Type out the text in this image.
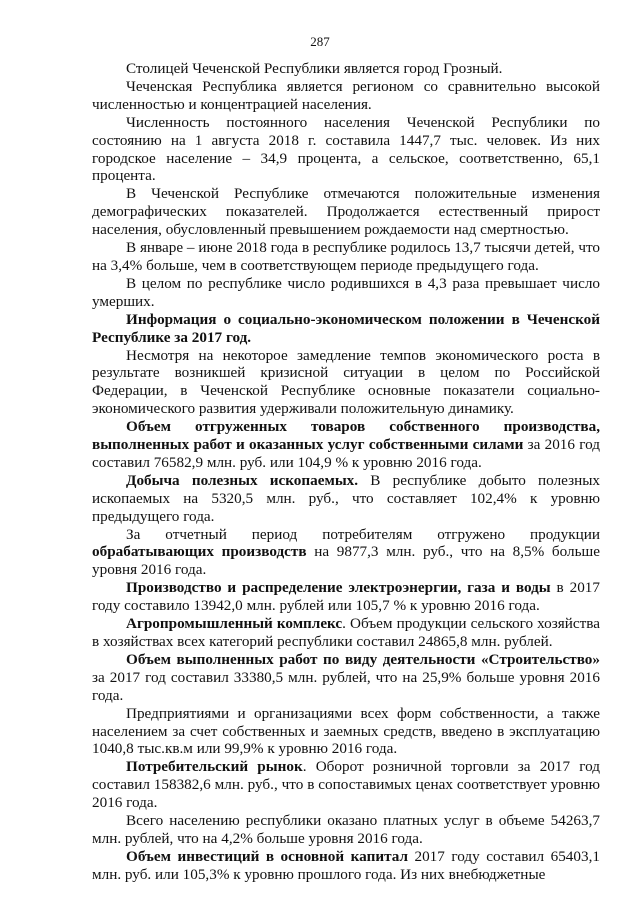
287

Столицей Чеченской Республики является город Грозный.

Чеченская Республика является регионом со сравнительно высокой численностью и концентрацией населения.

Численность постоянного населения Чеченской Республики по состоянию на 1 августа 2018 г. составила 1447,7 тыс. человек. Из них городское население – 34,9 процента, а сельское, соответственно, 65,1 процента.

В Чеченской Республике отмечаются положительные изменения демографических показателей. Продолжается естественный прирост населения, обусловленный превышением рождаемости над смертностью.

В январе – июне 2018 года в республике родилось 13,7 тысячи детей, что на 3,4% больше, чем в соответствующем периоде предыдущего года.

В целом по республике число родившихся в 4,3 раза превышает число умерших.

Информация о социально-экономическом положении в Чеченской Республике за 2017 год.

Несмотря на некоторое замедление темпов экономического роста в результате возникшей кризисной ситуации в целом по Российской Федерации, в Чеченской Республике основные показатели социально-экономического развития удерживали положительную динамику.

Объем отгруженных товаров собственного производства, выполненных работ и оказанных услуг собственными силами за 2016 год составил 76582,9 млн. руб. или 104,9 % к уровню 2016 года.

Добыча полезных ископаемых. В республике добыто полезных ископаемых на 5320,5 млн. руб., что составляет 102,4% к уровню предыдущего года.

За отчетный период потребителям отгружено продукции обрабатывающих производств на 9877,3 млн. руб., что на 8,5% больше уровня 2016 года.

Производство и распределение электроэнергии, газа и воды в 2017 году составило 13942,0 млн. рублей или 105,7 % к уровню 2016 года.

Агропромышленный комплекс. Объем продукции сельского хозяйства в хозяйствах всех категорий республики составил 24865,8 млн. рублей.

Объем выполненных работ по виду деятельности «Строительство» за 2017 год составил 33380,5 млн. рублей, что на 25,9% больше уровня 2016 года.

Предприятиями и организациями всех форм собственности, а также населением за счет собственных и заемных средств, введено в эксплуатацию 1040,8 тыс.кв.м или 99,9% к уровню 2016 года.

Потребительский рынок. Оборот розничной торговли за 2017 год составил 158382,6 млн. руб., что в сопоставимых ценах соответствует уровню 2016 года.

Всего населению республики оказано платных услуг в объеме 54263,7 млн. рублей, что на 4,2% больше уровня 2016 года.

Объем инвестиций в основной капитал 2017 году составил 65403,1 млн. руб. или 105,3% к уровню прошлого года. Из них внебюджетные
